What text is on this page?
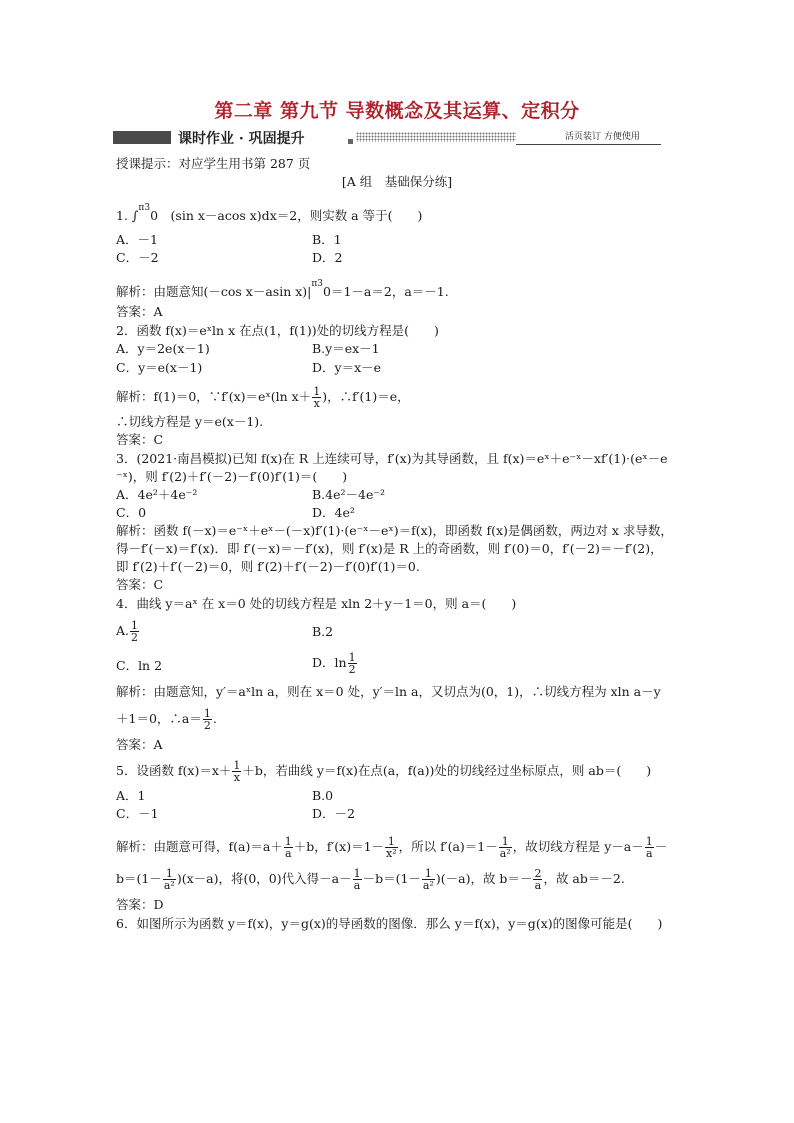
第二章 第九节 导数概念及其运算、定积分
课时作业 · 巩固提升	活页装订 方便使用
授课提示：对应学生用书第 287 页
[A 组　基础保分练]
1. ∫π30　(sin x－acos x)dx＝2，则实数 a 等于(　　)
A．－1	B．1
C．－2	D．2
解析：由题意知(－cos x－asin $x)|^{\pi 3}0=1-a=2$，a＝－1.
答案：A
2．函数 f(x)＝eˣln x 在点(1，f(1))处的切线方程是(　　)
A．y＝2e(x－1)	B.y＝ex－1
C．y＝e(x－1)	D．y＝x－e
解析：f(1)＝0，∵f′(x)＝eˣ(ln $x+ \frac{1}{x}$ )，∴f′(1)＝e，
∴切线方程是 y＝e(x－1).
答案：C
3．(2021·南昌模拟)已知 f(x)在 R 上连续可导，f′(x)为其导函数，且 f(x)＝eˣ＋e⁻ˣ－xf′(1)·(eˣ－e
⁻ˣ)，则 f′(2)＋f′(－2)－f′(0)f′(1)＝(　　)
A．4e²＋4e⁻²	B.4e²－4e⁻²
C．0	D．4e²
解析：函数 f(－x)＝e⁻ˣ＋eˣ－(－x)f′(1)·(e⁻ˣ－eˣ)＝f(x)，即函数 f(x)是偶函数，两边对 x 求导数，
得－f′(－x)＝f′(x)．即 f′(－x)＝－f′(x)，则 f′(x)是 R 上的奇函数，则 f′(0)＝0，f′(－2)＝－f′(2)，
即 f′(2)＋f′(－2)＝0，则 f′(2)＋f′(－2)－f′(0)f′(1)＝0.
答案：C
4．曲线 y＝aˣ 在 x＝0 处的切线方程是 xln 2＋y－1＝0，则 a＝(　　)
A. $\frac{1}{2}$	B.2
C．ln 2	D．$\ln \frac{1}{2}$
解析：由题意知，y′＝aˣln a，则在 x＝0 处，y′＝ln a，又切点为(0，1)，∴切线方程为 xln a－y
＋1＝0，∴a＝ $\frac{1}{2}$ .
答案：A
5．设函数 $f(x)=x+ \frac{1}{x} +b$，若曲线 y＝f(x)在点(a，f(a))处的切线经过坐标原点，则 ab＝(　　)
A．1	B.0
C．－1	D．－2
解析：由题意可得，$f(a)=a+ \frac{1}{a} +b$，$f'(x)=1- \frac{1}{\text{x²}}$ ，所以 $f'(a)=1- \frac{1}{\text{a²}}$ ，故切线方程是 $y-a- \frac{1}{a}$ －
$b=(1- \frac{1}{\text{a²}} )(x-a)$，将(0，0)代入得$-a- \frac{1}{a} -b=(1- \frac{1}{\text{a²}} )(-a)$，故 $b=- \frac{2}{a}$ ，故 ab＝－2.
答案：D
6．如图所示为函数 y＝f(x)，y＝g(x)的导函数的图像．那么 y＝f(x)，y＝g(x)的图像可能是(　　)
